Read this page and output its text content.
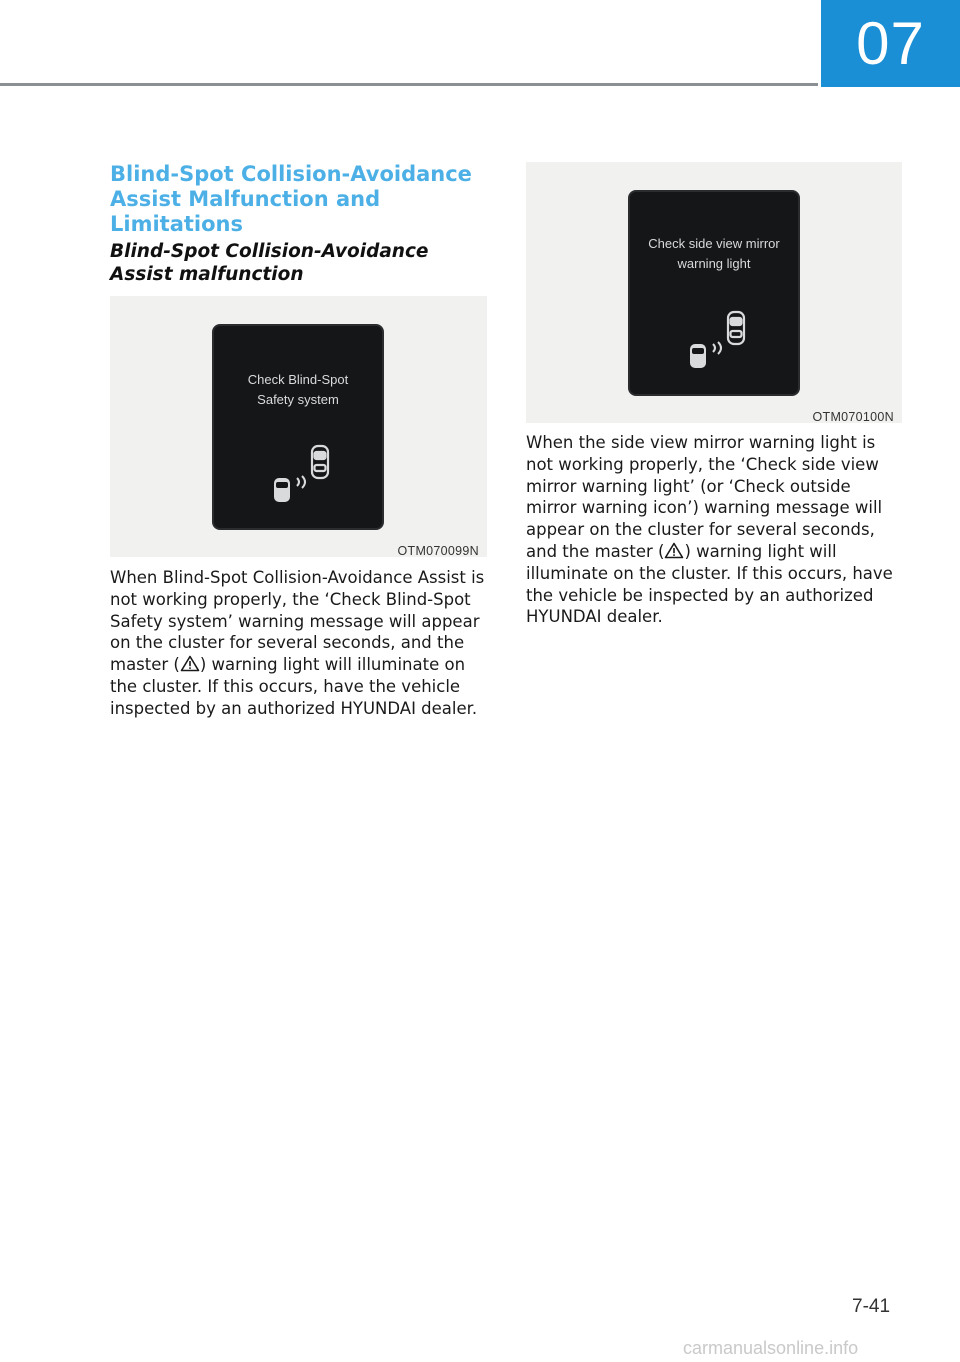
07
Blind-Spot Collision-Avoidance Assist Malfunction and Limitations
Blind-Spot Collision-Avoidance Assist malfunction
Check Blind-Spot
Safety system
OTM070099N

When Blind-Spot Collision-Avoidance Assist is not working properly, the ‘Check Blind-Spot Safety system’ warning message will appear on the cluster for several seconds, and the master ( ) warning light will illuminate on the cluster. If this occurs, have the vehicle inspected by an authorized HYUNDAI dealer.

Check side view mirror
warning light
OTM070100N

When the side view mirror warning light is not working properly, the ‘Check side view mirror warning light’ (or ‘Check outside mirror warning icon’) warning message will appear on the cluster for several seconds, and the master ( ) warning light will illuminate on the cluster. If this occurs, have the vehicle be inspected by an authorized HYUNDAI dealer.

7-41
carmanualsonline.info
